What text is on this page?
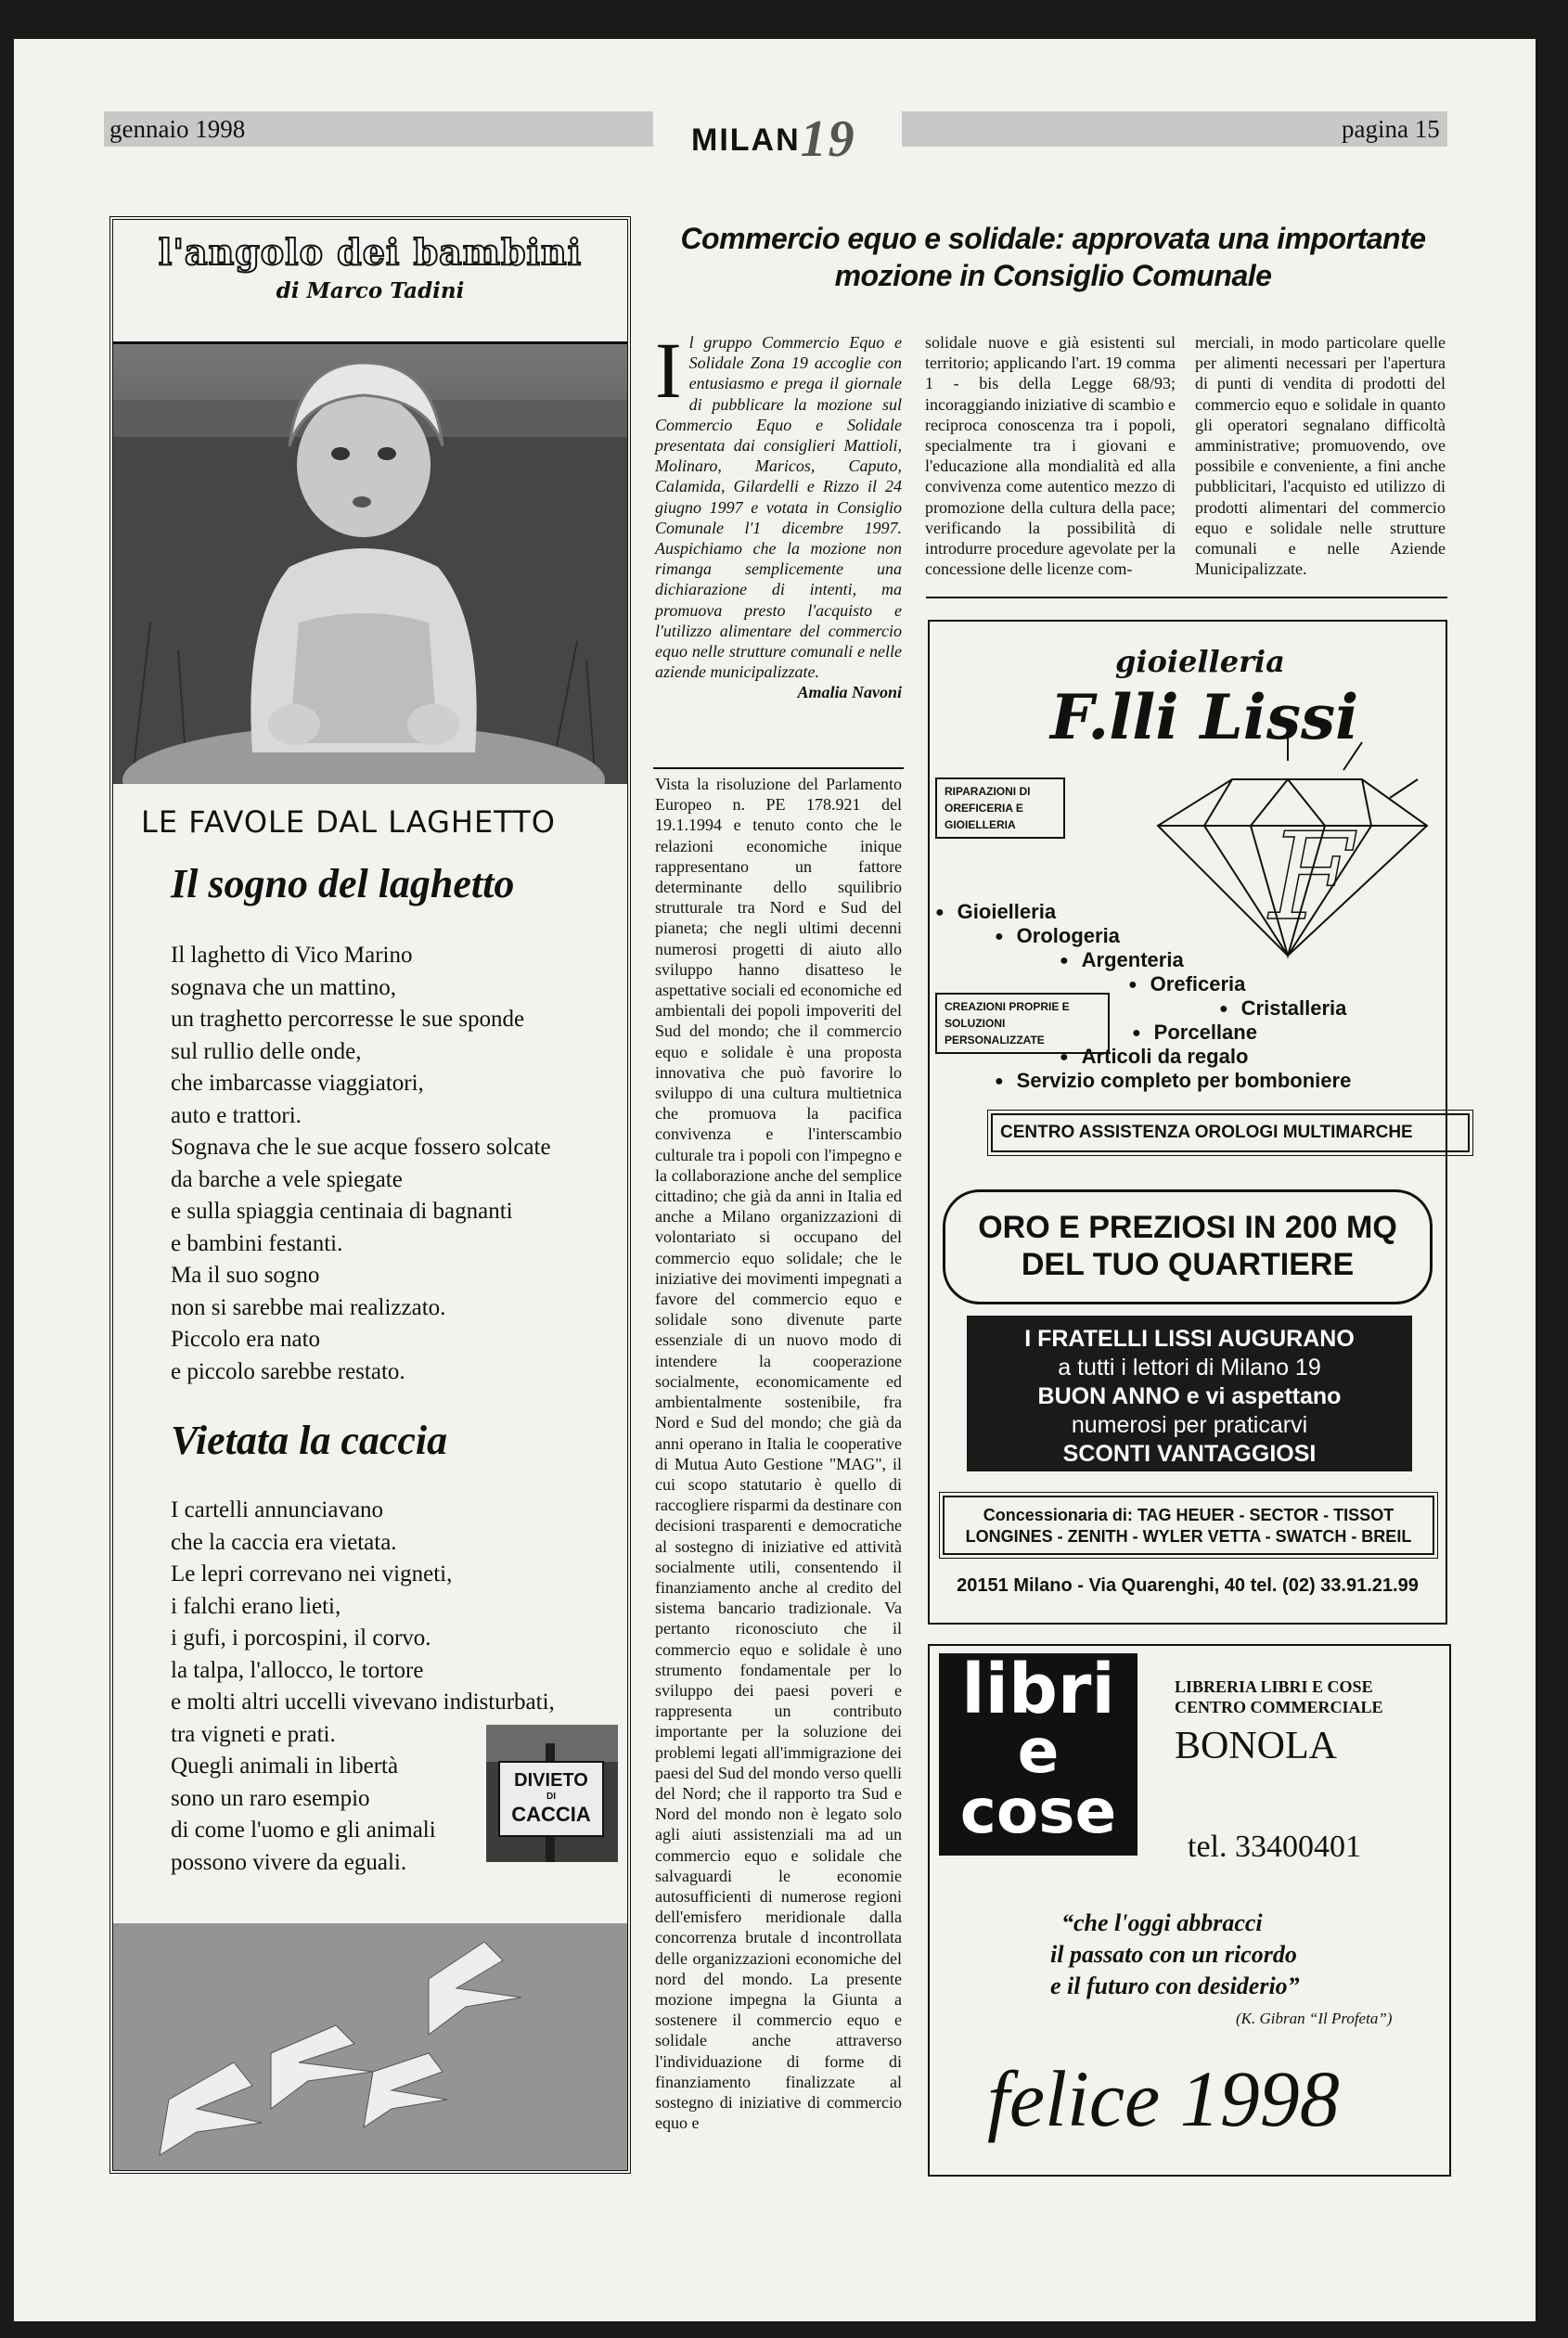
gennaio 1998	MILAN19	pagina 15
l'angolo dei bambini
di Marco Tadini
LE FAVOLE DAL LAGHETTO
Il sogno del laghetto
Il laghetto di Vico Marino
sognava che un mattino,
un traghetto percorresse le sue sponde
sul rullio delle onde,
che imbarcasse viaggiatori,
auto e trattori.
Sognava che le sue acque fossero solcate
da barche a vele spiegate
e sulla spiaggia centinaia di bagnanti
e bambini festanti.
Ma il suo sogno
non si sarebbe mai realizzato.
Piccolo era nato
e piccolo sarebbe restato.
Vietata la caccia
I cartelli annunciavano
che la caccia era vietata.
Le lepri correvano nei vigneti,
i falchi erano lieti,
i gufi, i porcospini, il corvo.
la talpa, l'allocco, le tortore
e molti altri uccelli vivevano indisturbati,
tra vigneti e prati.
Quegli animali in libertà
sono un raro esempio
di come l'uomo e gli animali
possono vivere da eguali.
DIVIETO
DI
CACCIA
Commercio equo e solidale: approvata una importante
mozione in Consiglio Comunale

Il gruppo Commercio Equo e Solidale Zona 19 accoglie con entusiasmo e prega il giornale di pubblicare la mozione sul Commercio Equo e Solidale presentata dai consiglieri Mattioli, Molinaro, Maricos, Caputo, Calamida, Gilardelli e Rizzo il 24 giugno 1997 e votata in Consiglio Comunale l'1 dicembre 1997. Auspichiamo che la mozione non rimanga semplicemente una dichiarazione di intenti, ma promuova presto l'acquisto e l'utilizzo alimentare del commercio equo nelle strutture comunali e nelle aziende municipalizzate.

Amalia Navoni

Vista la risoluzione del Parlamento Europeo n. PE 178.921 del 19.1.1994 e tenuto conto che le relazioni economiche inique rappresentano un fattore determinante dello squilibrio strutturale tra Nord e Sud del pianeta; che negli ultimi decenni numerosi progetti di aiuto allo sviluppo hanno disatteso le aspettative sociali ed economiche ed ambientali dei popoli impoveriti del Sud del mondo; che il commercio equo e solidale è una proposta innovativa che può favorire lo sviluppo di una cultura multietnica che promuova la pacifica convivenza e l'interscambio culturale tra i popoli con l'impegno e la collaborazione anche del semplice cittadino; che già da anni in Italia ed anche a Milano organizzazioni di volontariato si occupano del commercio equo solidale; che le iniziative dei movimenti impegnati a favore del commercio equo e solidale sono divenute parte essenziale di un nuovo modo di intendere la cooperazione socialmente, economicamente ed ambientalmente sostenibile, fra Nord e Sud del mondo; che già da anni operano in Italia le cooperative di Mutua Auto Gestione "MAG", il cui scopo statutario è quello di raccogliere risparmi da destinare con decisioni trasparenti e democratiche al sostegno di iniziative ed attività socialmente utili, consentendo il finanziamento anche al credito del sistema bancario tradizionale. Va pertanto riconosciuto che il commercio equo e solidale è uno strumento fondamentale per lo sviluppo dei paesi poveri e rappresenta un contributo importante per la soluzione dei problemi legati all'immigrazione dei paesi del Sud del mondo verso quelli del Nord; che il rapporto tra Sud e Nord del mondo non è legato solo agli aiuti assistenziali ma ad un commercio equo e solidale che salvaguardi le economie autosufficienti di numerose regioni dell'emisfero meridionale dalla concorrenza brutale d incontrollata delle organizzazioni economiche del nord del mondo. La presente mozione impegna la Giunta a sostenere il commercio equo e solidale anche attraverso l'individuazione di forme di finanziamento finalizzate al sostegno di iniziative di commercio equo e

solidale nuove e già esistenti sul territorio; applicando l'art. 19 comma 1 - bis della Legge 68/93; incoraggiando iniziative di scambio e reciproca conoscenza tra i popoli, specialmente tra i giovani e l'educazione alla mondialità ed alla convivenza come autentico mezzo di promozione della cultura della pace; verificando la possibilità di introdurre procedure agevolate per la concessione delle licenze com-

merciali, in modo particolare quelle per alimenti necessari per l'apertura di punti di vendita di prodotti del commercio equo e solidale in quanto gli operatori segnalano difficoltà amministrative; promuovendo, ove possibile e conveniente, a fini anche pubblicitari, l'acquisto ed utilizzo di prodotti alimentari del commercio equo e solidale nelle strutture comunali e nelle Aziende Municipalizzate.

gioielleria
F.lli Lissi
RIPARAZIONI DI
OREFICERIA E
GIOIELLERIA	F
● Gioielleria
● Orologeria
● Argenteria
● Oreficeria
● Cristalleria
● Porcellane
● Articoli da regalo
● Servizio completo per bomboniere
CREAZIONI PROPRIE E
SOLUZIONI PERSONALIZZATE
CENTRO ASSISTENZA OROLOGI MULTIMARCHE
ORO E PREZIOSI IN 200 MQ
DEL TUO QUARTIERE
I FRATELLI LISSI AUGURANO
a tutti i lettori di Milano 19
BUON ANNO e vi aspettano
numerosi per praticarvi
SCONTI VANTAGGIOSI
Concessionaria di: TAG HEUER - SECTOR - TISSOT
LONGINES - ZENITH - WYLER VETTA - SWATCH - BREIL
20151 Milano - Via Quarenghi, 40 tel. (02) 33.91.21.99
libri
e
cose
LIBRERIA LIBRI E COSE
CENTRO COMMERCIALE
BONOLA
tel. 33400401
“che l'oggi abbracci
il passato con un ricordo
e il futuro con desiderio”
(K. Gibran “Il Profeta”)
felice 1998
